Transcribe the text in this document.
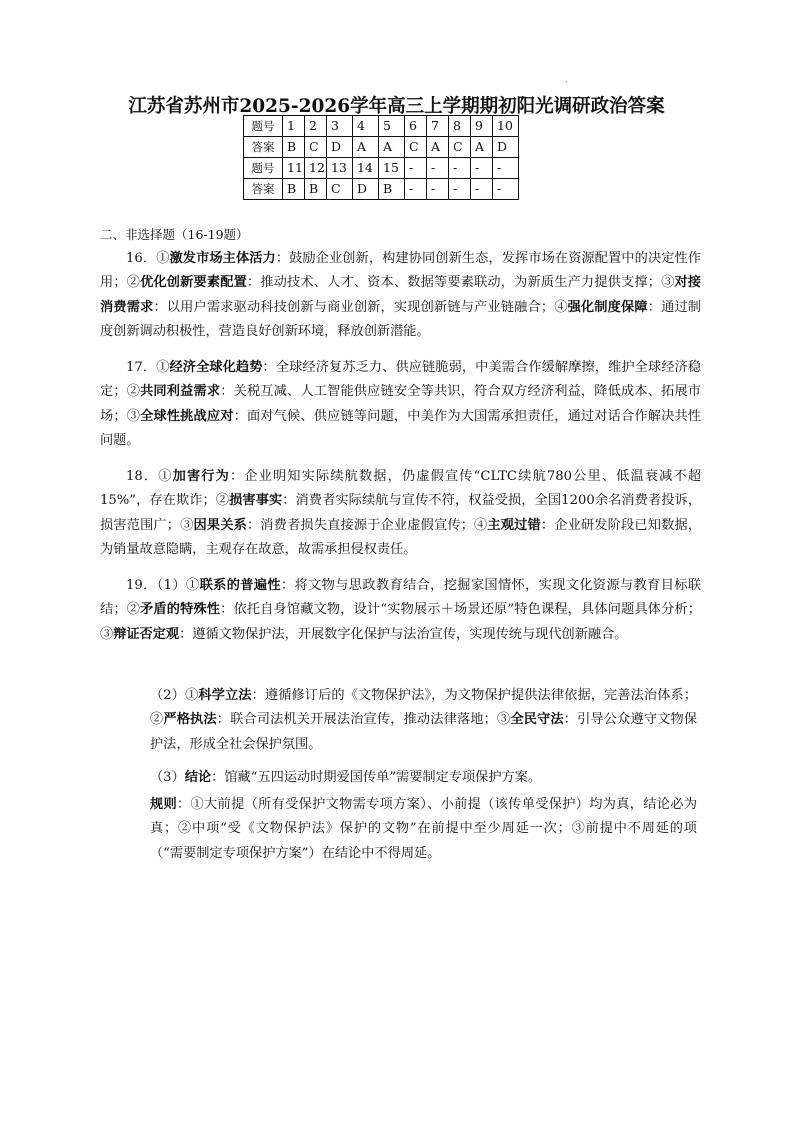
·
江苏省苏州市2025-2026学年高三上学期期初阳光调研政治答案
题号	1	2	3	4	5	6	7	8	9	10
答案	B	C	D	A	A	C	A	C	A	D
题号	11	12	13	14	15	-	-	-	-	-
答案	B	B	C	D	B	-	-	-	-	-
二、非选择题（16-19题）

16．①激发市场主体活力：鼓励企业创新，构建协同创新生态，发挥市场在资源配置中的决定性作用；②优化创新要素配置：推动技术、人才、资本、数据等要素联动，为新质生产力提供支撑；③对接消费需求：以用户需求驱动科技创新与商业创新，实现创新链与产业链融合；④强化制度保障：通过制度创新调动积极性，营造良好创新环境，释放创新潜能。

17．①经济全球化趋势：全球经济复苏乏力、供应链脆弱，中美需合作缓解摩擦，维护全球经济稳定；②共同利益需求：关税互减、人工智能供应链安全等共识，符合双方经济利益，降低成本、拓展市场；③全球性挑战应对：面对气候、供应链等问题，中美作为大国需承担责任，通过对话合作解决共性问题。

18．①加害行为：企业明知实际续航数据，仍虚假宣传“CLTC续航780公里、低温衰减不超15%”，存在欺诈；②损害事实：消费者实际续航与宣传不符，权益受损，全国1200余名消费者投诉，损害范围广；③因果关系：消费者损失直接源于企业虚假宣传；④主观过错：企业研发阶段已知数据，为销量故意隐瞒，主观存在故意，故需承担侵权责任。

19．（1）①联系的普遍性：将文物与思政教育结合，挖掘家国情怀，实现文化资源与教育目标联结；②矛盾的特殊性：依托自身馆藏文物，设计“实物展示＋场景还原”特色课程，具体问题具体分析；③辩证否定观：遵循文物保护法，开展数字化保护与法治宣传，实现传统与现代创新融合。

（2）①科学立法：遵循修订后的《文物保护法》，为文物保护提供法律依据，完善法治体系；②严格执法：联合司法机关开展法治宣传，推动法律落地；③全民守法：引导公众遵守文物保护法，形成全社会保护氛围。

（3）结论：馆藏“五四运动时期爱国传单”需要制定专项保护方案。

规则：①大前提（所有受保护文物需专项方案）、小前提（该传单受保护）均为真，结论必为真；②中项“受《文物保护法》保护的文物”在前提中至少周延一次；③前提中不周延的项（“需要制定专项保护方案”）在结论中不得周延。
